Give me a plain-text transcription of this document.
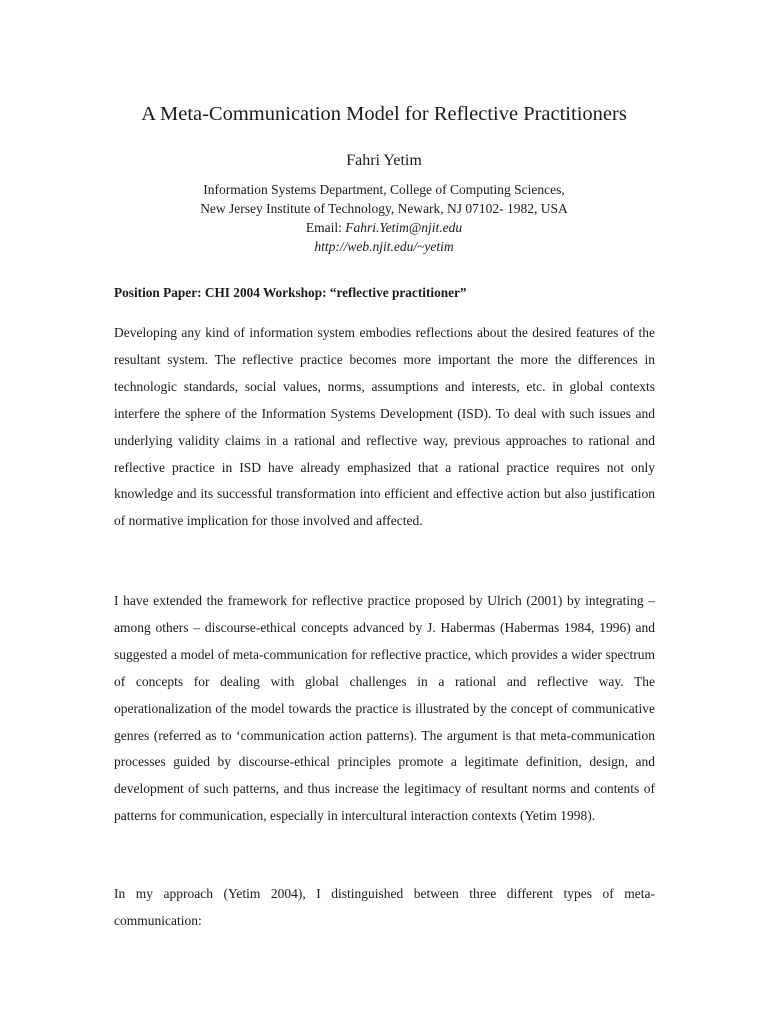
A Meta-Communication Model for Reflective Practitioners
Fahri Yetim
Information Systems Department, College of Computing Sciences,
New Jersey Institute of Technology, Newark, NJ 07102- 1982, USA
Email: Fahri.Yetim@njit.edu
http://web.njit.edu/~yetim
Position Paper: CHI 2004 Workshop: “reflective practitioner”

Developing any kind of information system embodies reflections about the desired features of the resultant system. The reflective practice becomes more important the more the differences in technologic standards, social values, norms, assumptions and interests, etc. in global contexts interfere the sphere of the Information Systems Development (ISD). To deal with such issues and underlying validity claims in a rational and reflective way, previous approaches to rational and reflective practice in ISD have already emphasized that a rational practice requires not only knowledge and its successful transformation into efficient and effective action but also justification of normative implication for those involved and affected.

I have extended the framework for reflective practice proposed by Ulrich (2001) by integrating – among others – discourse-ethical concepts advanced by J. Habermas (Habermas 1984, 1996) and suggested a model of meta-communication for reflective practice, which provides a wider spectrum of concepts for dealing with global challenges in a rational and reflective way. The operationalization of the model towards the practice is illustrated by the concept of communicative genres (referred as to ‘communication action patterns). The argument is that meta-communication processes guided by discourse-ethical principles promote a legitimate definition, design, and development of such patterns, and thus increase the legitimacy of resultant norms and contents of patterns for communication, especially in intercultural interaction contexts (Yetim 1998).

In my approach (Yetim 2004), I distinguished between three different types of meta-communication:
